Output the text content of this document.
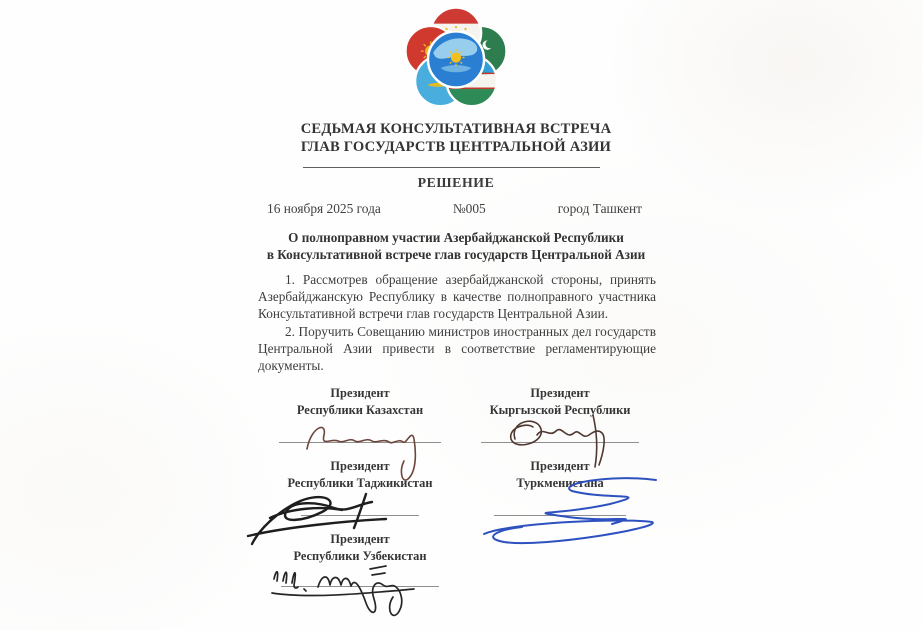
СЕДЬМАЯ КОНСУЛЬТАТИВНАЯ ВСТРЕЧА
ГЛАВ ГОСУДАРСТВ ЦЕНТРАЛЬНОЙ АЗИИ
РЕШЕНИЕ
16 ноября 2025 года	№005	город Ташкент
О полноправном участии Азербайджанской Республики
в Консультативной встрече глав государств Центральной Азии

1. Рассмотрев обращение азербайджанской стороны, принять Азербайджанскую Республику в качестве полноправного участника Консультативной встречи глав государств Центральной Азии.

2. Поручить Совещанию министров иностранных дел государств Центральной Азии привести в соответствие регламентирующие документы.

Президент
Республики Казахстан
Президент
Кыргызской Республики
Президент
Республики Таджикистан
Президент
Туркменистана
Президент
Республики Узбекистан
